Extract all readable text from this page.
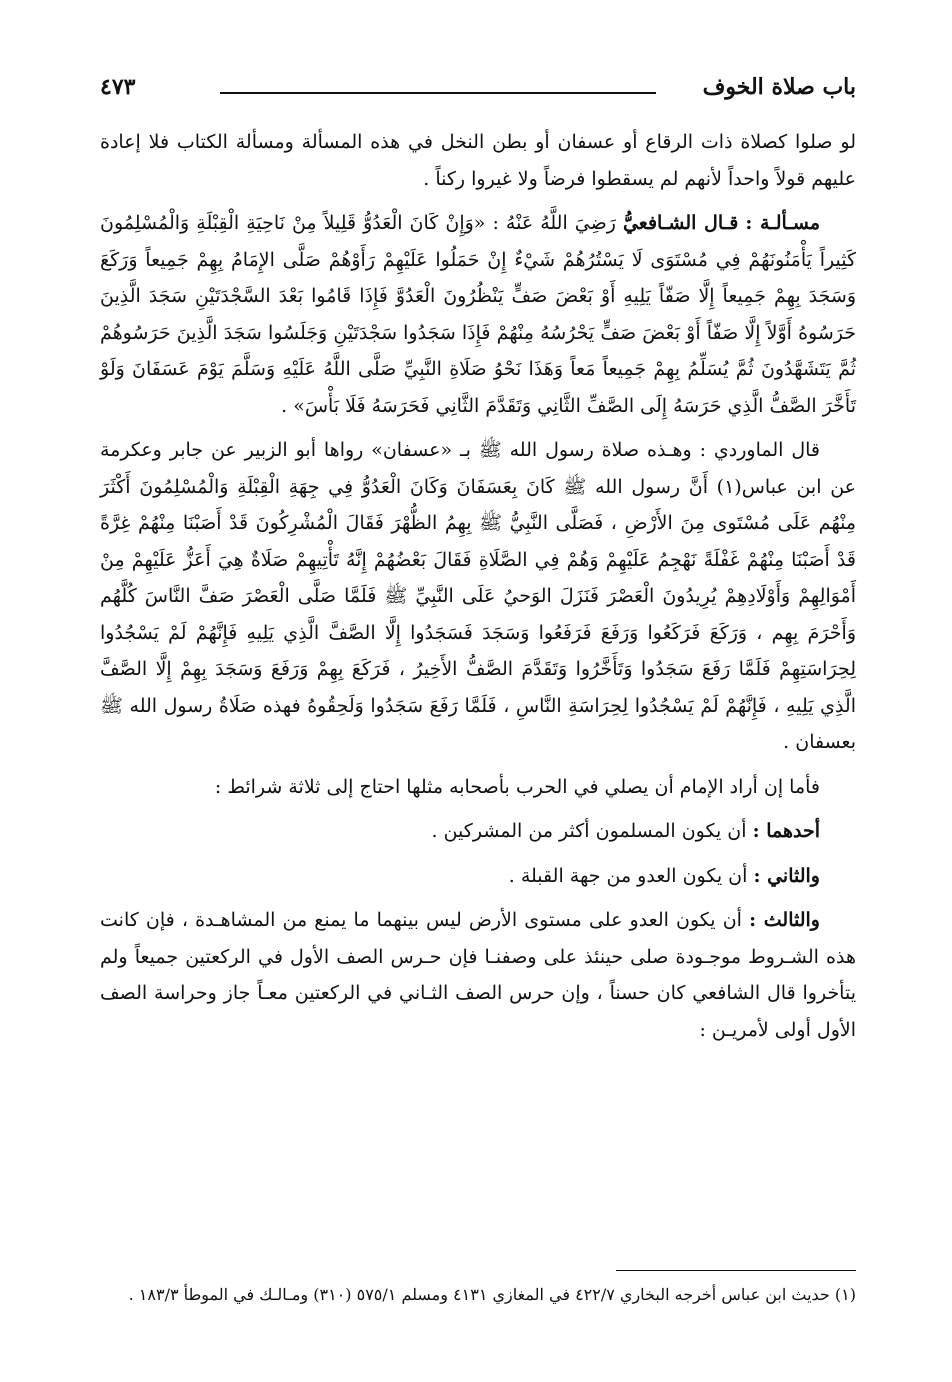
باب صلاة الخوف
٤٧٣

لو صلوا كصلاة ذات الرقاع أو عسفان أو بطن النخل في هذه المسألة ومسألة الكتاب فلا إعادة عليهم قولاً واحداً لأنهم لم يسقطوا فرضاً ولا غيروا ركناً .

مسـألـة : قـال الشـافعيُّ رَضِيَ اللَّهُ عَنْهُ : «وَإِنْ كَانَ الْعَدُوُّ قَلِيلاً مِنْ نَاحِيَةِ الْقِبْلَةِ وَالْمُسْلِمُونَ كَثِيراً يَأْمَنُونَهُمْ فِي مُسْتَوَى لَا يَسْتُرُهُمْ شَيْءٌ إِنْ حَمَلُوا عَلَيْهِمْ رَأَوْهُمْ صَلَّى الإِمَامُ بِهِمْ جَمِيعاً وَرَكَعَ وَسَجَدَ بِهِمْ جَمِيعاً إِلَّا صَفّاً يَلِيهِ أَوْ بَعْضَ صَفٍّ يَنْظُرُونَ الْعَدُوَّ فَإِذَا قَامُوا بَعْدَ السَّجْدَتَيْنِ سَجَدَ الَّذِينَ حَرَسُوهُ أَوَّلاً إِلَّا صَفّاً أَوْ بَعْضَ صَفٍّ يَحْرُسُهُ مِنْهُمْ فَإِذَا سَجَدُوا سَجْدَتَيْنِ وَجَلَسُوا سَجَدَ الَّذِينَ حَرَسُوهُمْ ثُمَّ يَتَشَهَّدُونَ ثُمَّ يُسَلِّمُ بِهِمْ جَمِيعاً مَعاً وَهَذَا نَحْوُ صَلَاةِ النَّبِيِّ صَلَّى اللَّهُ عَلَيْهِ وَسَلَّمَ يَوْمَ عَسَفَانَ وَلَوْ تَأَخَّرَ الصَّفُّ الَّذِي حَرَسَهُ إِلَى الصَّفِّ الثَّانِي وَتَقَدَّمَ الثَّانِي فَحَرَسَهُ فَلَا بَأْسَ» .

قال الماوردي : وهـذه صلاة رسول الله ﷺ بـ «عسفان» رواها أبو الزبير عن جابر وعكرمة عن ابن عباس(١) أَنَّ رسول الله ﷺ كَانَ بِعَسَفَانَ وَكَانَ الْعَدُوُّ فِي جِهَةِ الْقِبْلَةِ وَالْمُسْلِمُونَ أَكْثَرَ مِنْهُم عَلَى مُسْتَوى مِنَ الأَرْضِ ، فَصَلَّى النَّبِيُّ ﷺ بِهِمُ الظُّهْرَ فَقَالَ الْمُشْرِكُونَ قَدْ أَصَبْنَا مِنْهُمْ غِرَّةً قَدْ أَصَبْنَا مِنْهُمْ غَفْلَةً نَهْجِمُ عَلَيْهِمْ وَهُمْ فِي الصَّلَاةِ فَقَالَ بَعْضُهُمْ إِنَّهُ تَأْتِيهِمْ صَلَاةٌ هِيَ أَعَزُّ عَلَيْهِمْ مِنْ أَمْوَالِهِمْ وَأَوْلَادِهِمْ يُرِيدُونَ الْعَصْرَ فَنَزَلَ الوَحيُ عَلَى النَّبِيِّ ﷺ فَلَمَّا صَلَّى الْعَصْرَ صَفَّ النَّاسَ كُلَّهُم وَأَحْرَمَ بِهِم ، وَرَكَعَ فَرَكَعُوا وَرَفَعَ فَرَفَعُوا وَسَجَدَ فَسَجَدُوا إِلَّا الصَّفَّ الَّذِي يَلِيهِ فَإِنَّهُمْ لَمْ يَسْجُدُوا لِحِرَاسَتِهِمْ فَلَمَّا رَفَعَ سَجَدُوا وَتَأَخَّرُوا وَتَقَدَّمَ الصَّفُّ الأَخِيرُ ، فَرَكَعَ بِهِمْ وَرَفَعَ وَسَجَدَ بِهِمْ إِلَّا الصَّفَّ الَّذِي يَلِيهِ ، فَإِنَّهُمْ لَمْ يَسْجُدُوا لِحِرَاسَةِ النَّاسِ ، فَلَمَّا رَفَعَ سَجَدُوا وَلَحِقُوهُ فهذه صَلَاةُ رسول الله ﷺ بعسفان .

فأما إن أراد الإمام أن يصلي في الحرب بأصحابه مثلها احتاج إلى ثلاثة شرائط :

أحدهما : أن يكون المسلمون أكثر من المشركين .

والثاني : أن يكون العدو من جهة القبلة .

والثالث : أن يكون العدو على مستوى الأرض ليس بينهما ما يمنع من المشاهـدة ، فإن كانت هذه الشـروط موجـودة صلى حينئذ على وصفنـا فإن حـرس الصف الأول في الركعتين جميعاً ولم يتأخروا قال الشافعي كان حسناً ، وإن حرس الصف الثـاني في الركعتين معـاً جاز وحراسة الصف الأول أولى لأمريـن :

(١) حديث ابن عباس أخرجه البخاري ٤٢٢/٧ في المغازي ٤١٣١ ومسلم ٥٧٥/١ (٣١٠) ومـالـك في الموطأ ١٨٣/٣ .
